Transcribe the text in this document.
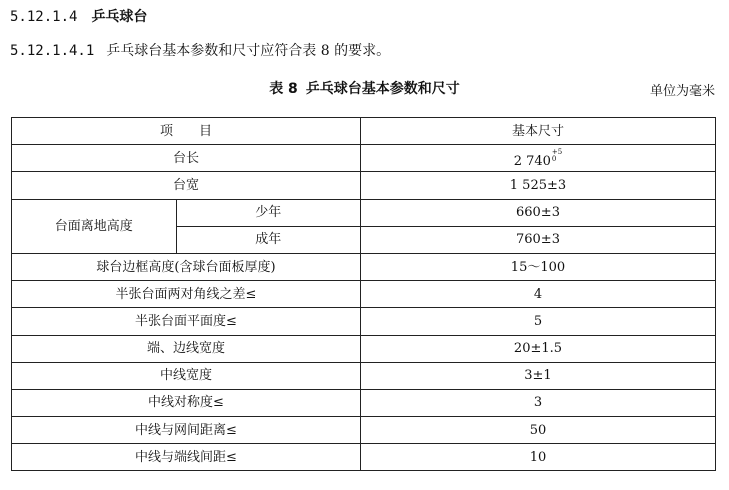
5.12.1.4 乒乓球台
5.12.1.4.1 乒乓球台基本参数和尺寸应符合表 8 的要求。
表 8 乒乓球台基本参数和尺寸	单位为毫米
项　　目		基本尺寸
台长		2 740
$^{+5 0}$

台宽		1 525±3
台面离地高度	少年	660±3
	成年	760±3
球台边框高度(含球台面板厚度)		15～100
半张台面两对角线之差≤		4
半张台面平面度≤		5
端、边线宽度		20±1.5
中线宽度		3±1
中线对称度≤		3
中线与网间距离≤		50
中线与端线间距≤		10
